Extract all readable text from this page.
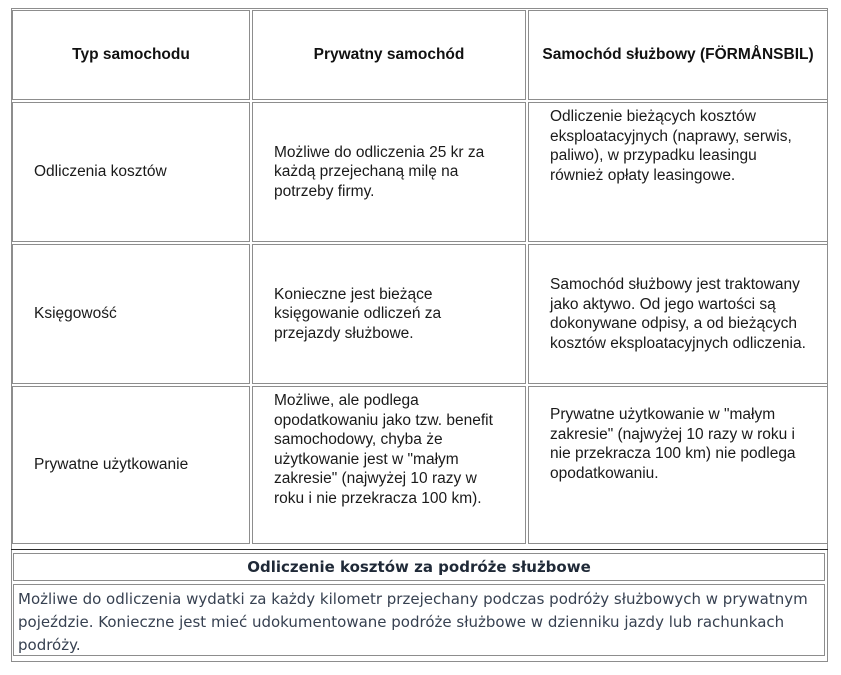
Typ samochodu		Prywatny samochód		Samochód służbowy (FÖRMÅNSBIL)

Odliczenia kosztów		Możliwe do odliczenia 25 kr za każdą przejechaną milę na potrzeby firmy.		Odliczenie bieżących kosztów eksploatacyjnych (naprawy, serwis, paliwo), w przypadku leasingu również opłaty leasingowe.

Księgowość		Konieczne jest bieżące księgowanie odliczeń za przejazdy służbowe.		Samochód służbowy jest traktowany jako aktywo. Od jego wartości są dokonywane odpisy, a od bieżących kosztów eksploatacyjnych odliczenia.

Prywatne użytkowanie		Możliwe, ale podlega opodatkowaniu jako tzw. benefit samochodowy, chyba że użytkowanie jest w "małym zakresie" (najwyżej 10 razy w roku i nie przekracza 100 km).		Prywatne użytkowanie w "małym zakresie" (najwyżej 10 razy w roku i nie przekracza 100 km) nie podlega opodatkowaniu.
Odliczenie kosztów za podróże służbowe
Możliwe do odliczenia wydatki za każdy kilometr przejechany podczas podróży służbowych w prywatnym pojeździe. Konieczne jest mieć udokumentowane podróże służbowe w dzienniku jazdy lub rachunkach podróży.
